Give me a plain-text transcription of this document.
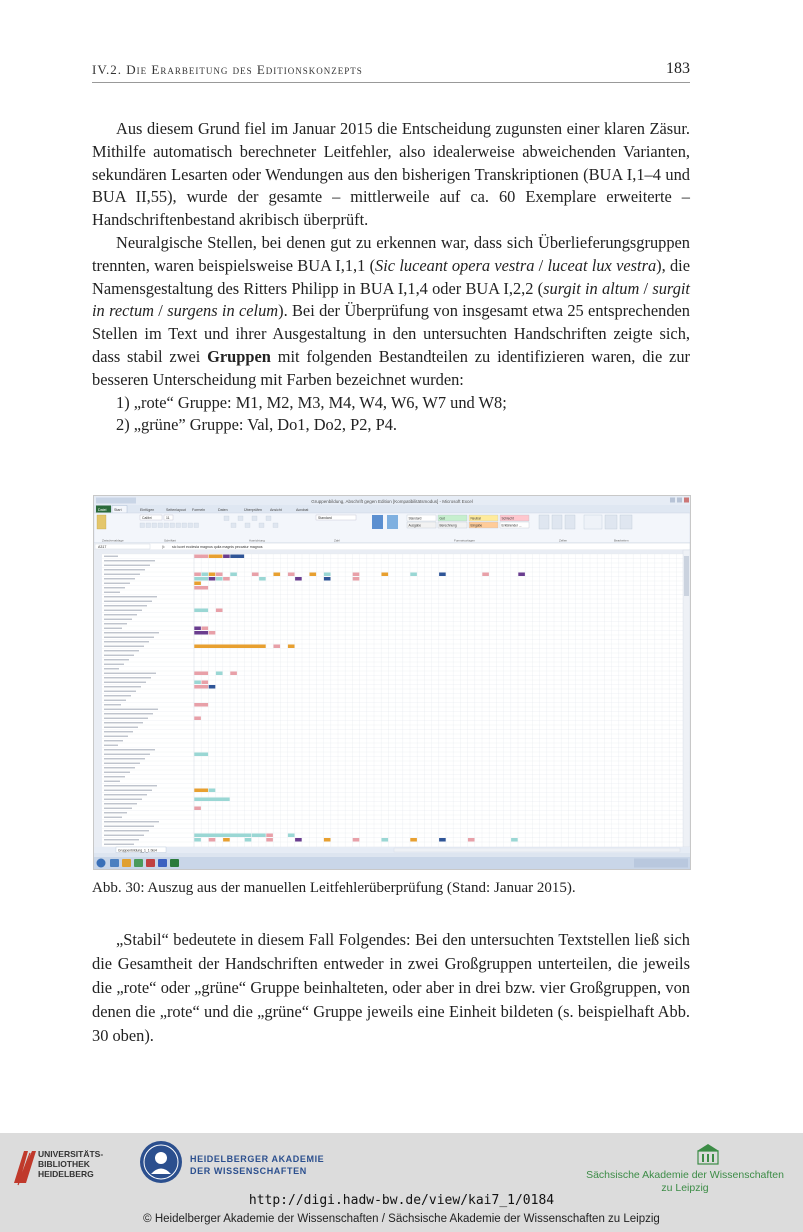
IV.2. Die Erarbeitung des Editionskonzepts	183

Aus diesem Grund fiel im Januar 2015 die Entscheidung zugunsten einer klaren Zäsur. Mithilfe automatisch berechneter Leitfehler, also idealerweise abweichenden Varianten, sekundären Lesarten oder Wendungen aus den bisherigen Transkriptionen (BUA I,1–4 und BUA II,55), wurde der gesamte – mittlerweile auf ca. 60 Exemplare erweiterte – Handschriftenbestand akribisch überprüft.

Neuralgische Stellen, bei denen gut zu erkennen war, dass sich Überlieferungsgruppen trennten, waren beispielsweise BUA I,1,1 (Sic luceant opera vestra / luceat lux vestra), die Namensgestaltung des Ritters Philipp in BUA I,1,4 oder BUA I,2,2 (surgit in altum / surgit in rectum / surgens in celum). Bei der Überprüfung von insgesamt etwa 25 entsprechenden Stellen im Text und ihrer Ausgestaltung in den untersuchten Handschriften zeigte sich, dass stabil zwei Gruppen mit folgenden Bestandteilen zu identifizieren waren, die zur besseren Unterscheidung mit Farben bezeichnet wurden:

1) „rote“ Gruppe: M1, M2, M3, M4, W4, W6, W7 und W8;

2) „grüne” Gruppe: Val, Do1, Do2, P2, P4.

Gruppenbildung, Abschrift gegen Edition [Kompatibilitätsmodus] - Microsoft Excel
Datei Start	Einfügen	Seitenlayout Formeln	Daten	Überprüfen Ansicht	Acrobat
Calibri	11	Standard	Standard	Gut	Neutral	Schlecht
Ausgabe	Berechnung	Eingabe	Erklärender ...
Zwischenablage	Schriftart	Ausrichtung	Zahl	Formatvorlagen	Zellen	Bearbeiten
A317	fx sic lucet ecclesia magnus quiia magnis peccatur magnos
Gruppenbildung_1_1 bis4
Abb. 30: Auszug aus der manuellen Leitfehlerüberprüfung (Stand: Januar 2015).

„Stabil“ bedeutete in diesem Fall Folgendes: Bei den untersuchten Textstellen ließ sich die Gesamtheit der Handschriften entweder in zwei Großgruppen unterteilen, die jeweils die „rote“ oder „grüne“ Gruppe beinhalteten, oder aber in drei bzw. vier Großgruppen, von denen die „rote“ und die „grüne“ Gruppe jeweils eine Einheit bildeten (s. beispielhaft Abb. 30 oben).

UNIVERSITÄTS-
BIBLIOTHEK
HEIDELBERG
HEIDELBERGER AKADEMIE
DER WISSENSCHAFTEN	Sächsische Akademie der Wissenschaften
zu Leipzig
http://digi.hadw-bw.de/view/kai7_1/0184
© Heidelberger Akademie der Wissenschaften / Sächsische Akademie der Wissenschaften zu Leipzig
